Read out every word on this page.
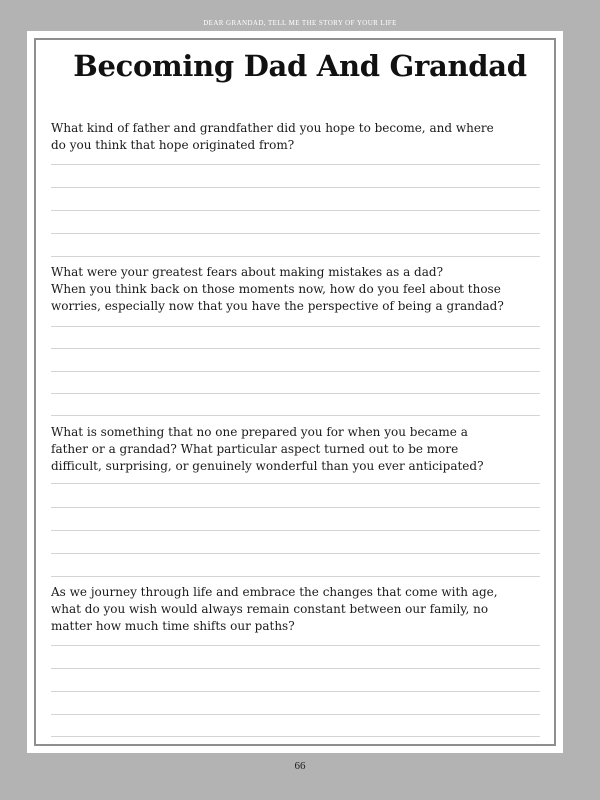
DEAR GRANDAD, TELL ME THE STORY OF YOUR LIFE
Becoming Dad And Grandad
What kind of father and grandfather did you hope to become, and where
do you think that hope originated from?
What were your greatest fears about making mistakes as a dad?
When you think back on those moments now, how do you feel about those
worries, especially now that you have the perspective of being a grandad?
What is something that no one prepared you for when you became a
father or a grandad? What particular aspect turned out to be more
difficult, surprising, or genuinely wonderful than you ever anticipated?
As we journey through life and embrace the changes that come with age,
what do you wish would always remain constant between our family, no
matter how much time shifts our paths?
66
